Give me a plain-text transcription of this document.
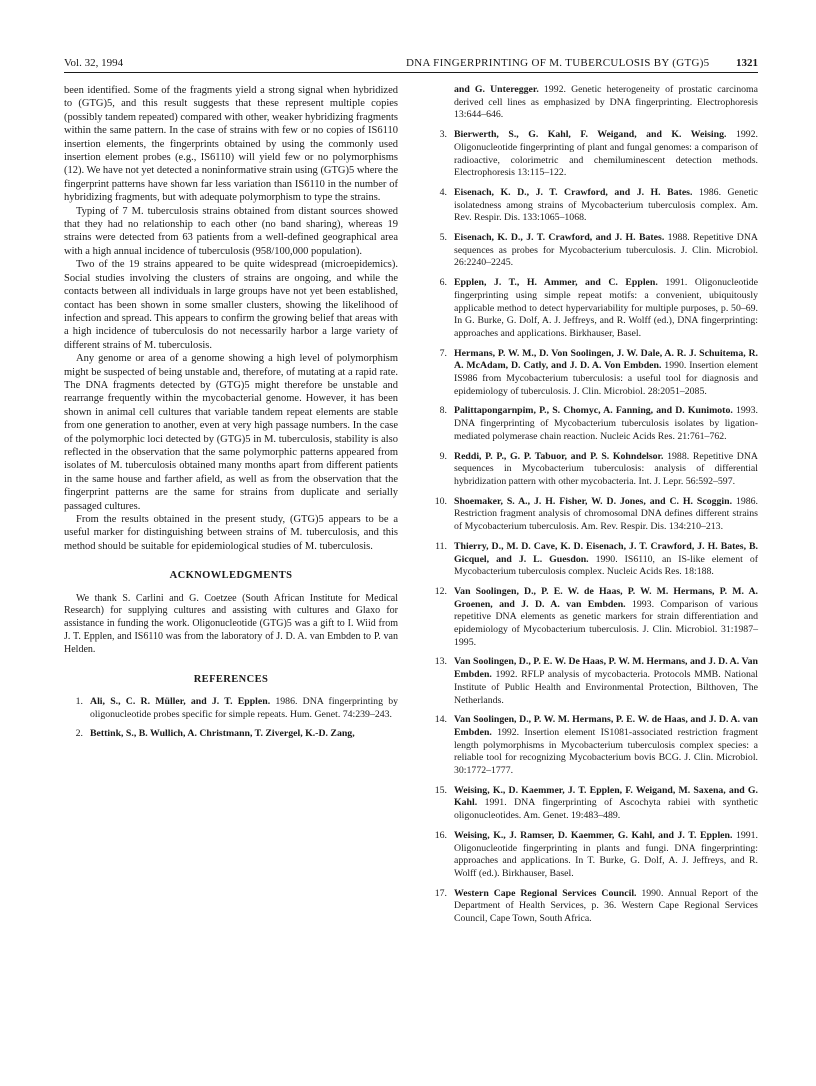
Vol. 32, 1994	DNA FINGERPRINTING OF M. TUBERCULOSIS BY (GTG)5 1321

been identified. Some of the fragments yield a strong signal when hybridized to (GTG)5, and this result suggests that these represent multiple copies (possibly tandem repeated) compared with other, weaker hybridizing fragments within the same pattern. In the case of strains with few or no copies of IS6110 insertion elements, the fingerprints obtained by using the commonly used insertion element probes (e.g., IS6110) will yield few or no polymorphisms (12). We have not yet detected a noninformative strain using (GTG)5 where the fingerprint patterns have shown far less variation than IS6110 in the number of hybridizing fragments, but with adequate polymorphism to type the strains.

Typing of 7 M. tuberculosis strains obtained from distant sources showed that they had no relationship to each other (no band sharing), whereas 19 strains were detected from 63 patients from a well-defined geographical area with a high annual incidence of tuberculosis (958/100,000 population).

Two of the 19 strains appeared to be quite widespread (microepidemics). Social studies involving the clusters of strains are ongoing, and while the contacts between all individuals in large groups have not yet been established, contact has been shown in some smaller clusters, showing the likelihood of infection and spread. This appears to confirm the growing belief that areas with a high incidence of tuberculosis do not necessarily harbor a large variety of different strains of M. tuberculosis.

Any genome or area of a genome showing a high level of polymorphism might be suspected of being unstable and, therefore, of mutating at a rapid rate. The DNA fragments detected by (GTG)5 might therefore be unstable and rearrange frequently within the mycobacterial genome. However, it has been shown in animal cell cultures that variable tandem repeat elements are stable from one generation to another, even at very high passage numbers. In the case of the polymorphic loci detected by (GTG)5 in M. tuberculosis, stability is also reflected in the observation that the same polymorphic patterns appeared from isolates of M. tuberculosis obtained many months apart from different patients in the same house and farther afield, as well as from the observation that the fingerprint patterns are the same for strains from duplicate and serially passaged cultures.

From the results obtained in the present study, (GTG)5 appears to be a useful marker for distinguishing between strains of M. tuberculosis, and this method should be suitable for epidemiological studies of M. tuberculosis.

ACKNOWLEDGMENTS

We thank S. Carlini and G. Coetzee (South African Institute for Medical Research) for supplying cultures and assisting with cultures and Glaxo for assistance in funding the work. Oligonucleotide (GTG)5 was a gift to I. Wiid from J. T. Epplen, and IS6110 was from the laboratory of J. D. A. van Embden to P. van Helden.

REFERENCES
1. Ali, S., C. R. Müller, and J. T. Epplen. 1986. DNA fingerprinting by oligonucleotide probes specific for simple repeats. Hum. Genet. 74:239–243.
2. Bettink, S., B. Wullich, A. Christmann, T. Zivergel, K.-D. Zang,
and G. Unteregger. 1992. Genetic heterogeneity of prostatic carcinoma derived cell lines as emphasized by DNA fingerprinting. Electrophoresis 13:644–646.
3. Bierwerth, S., G. Kahl, F. Weigand, and K. Weising. 1992. Oligonucleotide fingerprinting of plant and fungal genomes: a comparison of radioactive, colorimetric and chemiluminescent detection methods. Electrophoresis 13:115–122.
4. Eisenach, K. D., J. T. Crawford, and J. H. Bates. 1986. Genetic isolatedness among strains of Mycobacterium tuberculosis complex. Am. Rev. Respir. Dis. 133:1065–1068.
5. Eisenach, K. D., J. T. Crawford, and J. H. Bates. 1988. Repetitive DNA sequences as probes for Mycobacterium tuberculosis. J. Clin. Microbiol. 26:2240–2245.
6. Epplen, J. T., H. Ammer, and C. Epplen. 1991. Oligonucleotide fingerprinting using simple repeat motifs: a convenient, ubiquitously applicable method to detect hypervariability for multiple purposes, p. 50–69. In G. Burke, G. Dolf, A. J. Jeffreys, and R. Wolff (ed.), DNA fingerprinting: approaches and applications. Birkhauser, Basel.
7. Hermans, P. W. M., D. Von Soolingen, J. W. Dale, A. R. J. Schuitema, R. A. McAdam, D. Catly, and J. D. A. Von Embden. 1990. Insertion element IS986 from Mycobacterium tuberculosis: a useful tool for diagnosis and epidemiology of tuberculosis. J. Clin. Microbiol. 28:2051–2085.
8. Palittapongarnpim, P., S. Chomyc, A. Fanning, and D. Kunimoto. 1993. DNA fingerprinting of Mycobacterium tuberculosis isolates by ligation-mediated polymerase chain reaction. Nucleic Acids Res. 21:761–762.
9. Reddi, P. P., G. P. Tabuor, and P. S. Kohndelsor. 1988. Repetitive DNA sequences in Mycobacterium tuberculosis: analysis of differential hybridization pattern with other mycobacteria. Int. J. Lepr. 56:592–597.
10. Shoemaker, S. A., J. H. Fisher, W. D. Jones, and C. H. Scoggin. 1986. Restriction fragment analysis of chromosomal DNA defines different strains of Mycobacterium tuberculosis. Am. Rev. Respir. Dis. 134:210–213.
11. Thierry, D., M. D. Cave, K. D. Eisenach, J. T. Crawford, J. H. Bates, B. Gicquel, and J. L. Guesdon. 1990. IS6110, an IS-like element of Mycobacterium tuberculosis complex. Nucleic Acids Res. 18:188.
12. Van Soolingen, D., P. E. W. de Haas, P. W. M. Hermans, P. M. A. Groenen, and J. D. A. van Embden. 1993. Comparison of various repetitive DNA elements as genetic markers for strain differentiation and epidemiology of Mycobacterium tuberculosis. J. Clin. Microbiol. 31:1987–1995.
13. Van Soolingen, D., P. E. W. De Haas, P. W. M. Hermans, and J. D. A. Van Embden. 1992. RFLP analysis of mycobacteria. Protocols MMB. National Institute of Public Health and Environmental Protection, Bilthoven, The Netherlands.
14. Van Soolingen, D., P. W. M. Hermans, P. E. W. de Haas, and J. D. A. van Embden. 1992. Insertion element IS1081-associated restriction fragment length polymorphisms in Mycobacterium tuberculosis complex species: a reliable tool for recognizing Mycobacterium bovis BCG. J. Clin. Microbiol. 30:1772–1777.
15. Weising, K., D. Kaemmer, J. T. Epplen, F. Weigand, M. Saxena, and G. Kahl. 1991. DNA fingerprinting of Ascochyta rabiei with synthetic oligonucleotides. Am. Genet. 19:483–489.
16. Weising, K., J. Ramser, D. Kaemmer, G. Kahl, and J. T. Epplen. 1991. Oligonucleotide fingerprinting in plants and fungi. DNA fingerprinting: approaches and applications. In T. Burke, G. Dolf, A. J. Jeffreys, and R. Wolff (ed.). Birkhauser, Basel.
17. Western Cape Regional Services Council. 1990. Annual Report of the Department of Health Services, p. 36. Western Cape Regional Services Council, Cape Town, South Africa.
